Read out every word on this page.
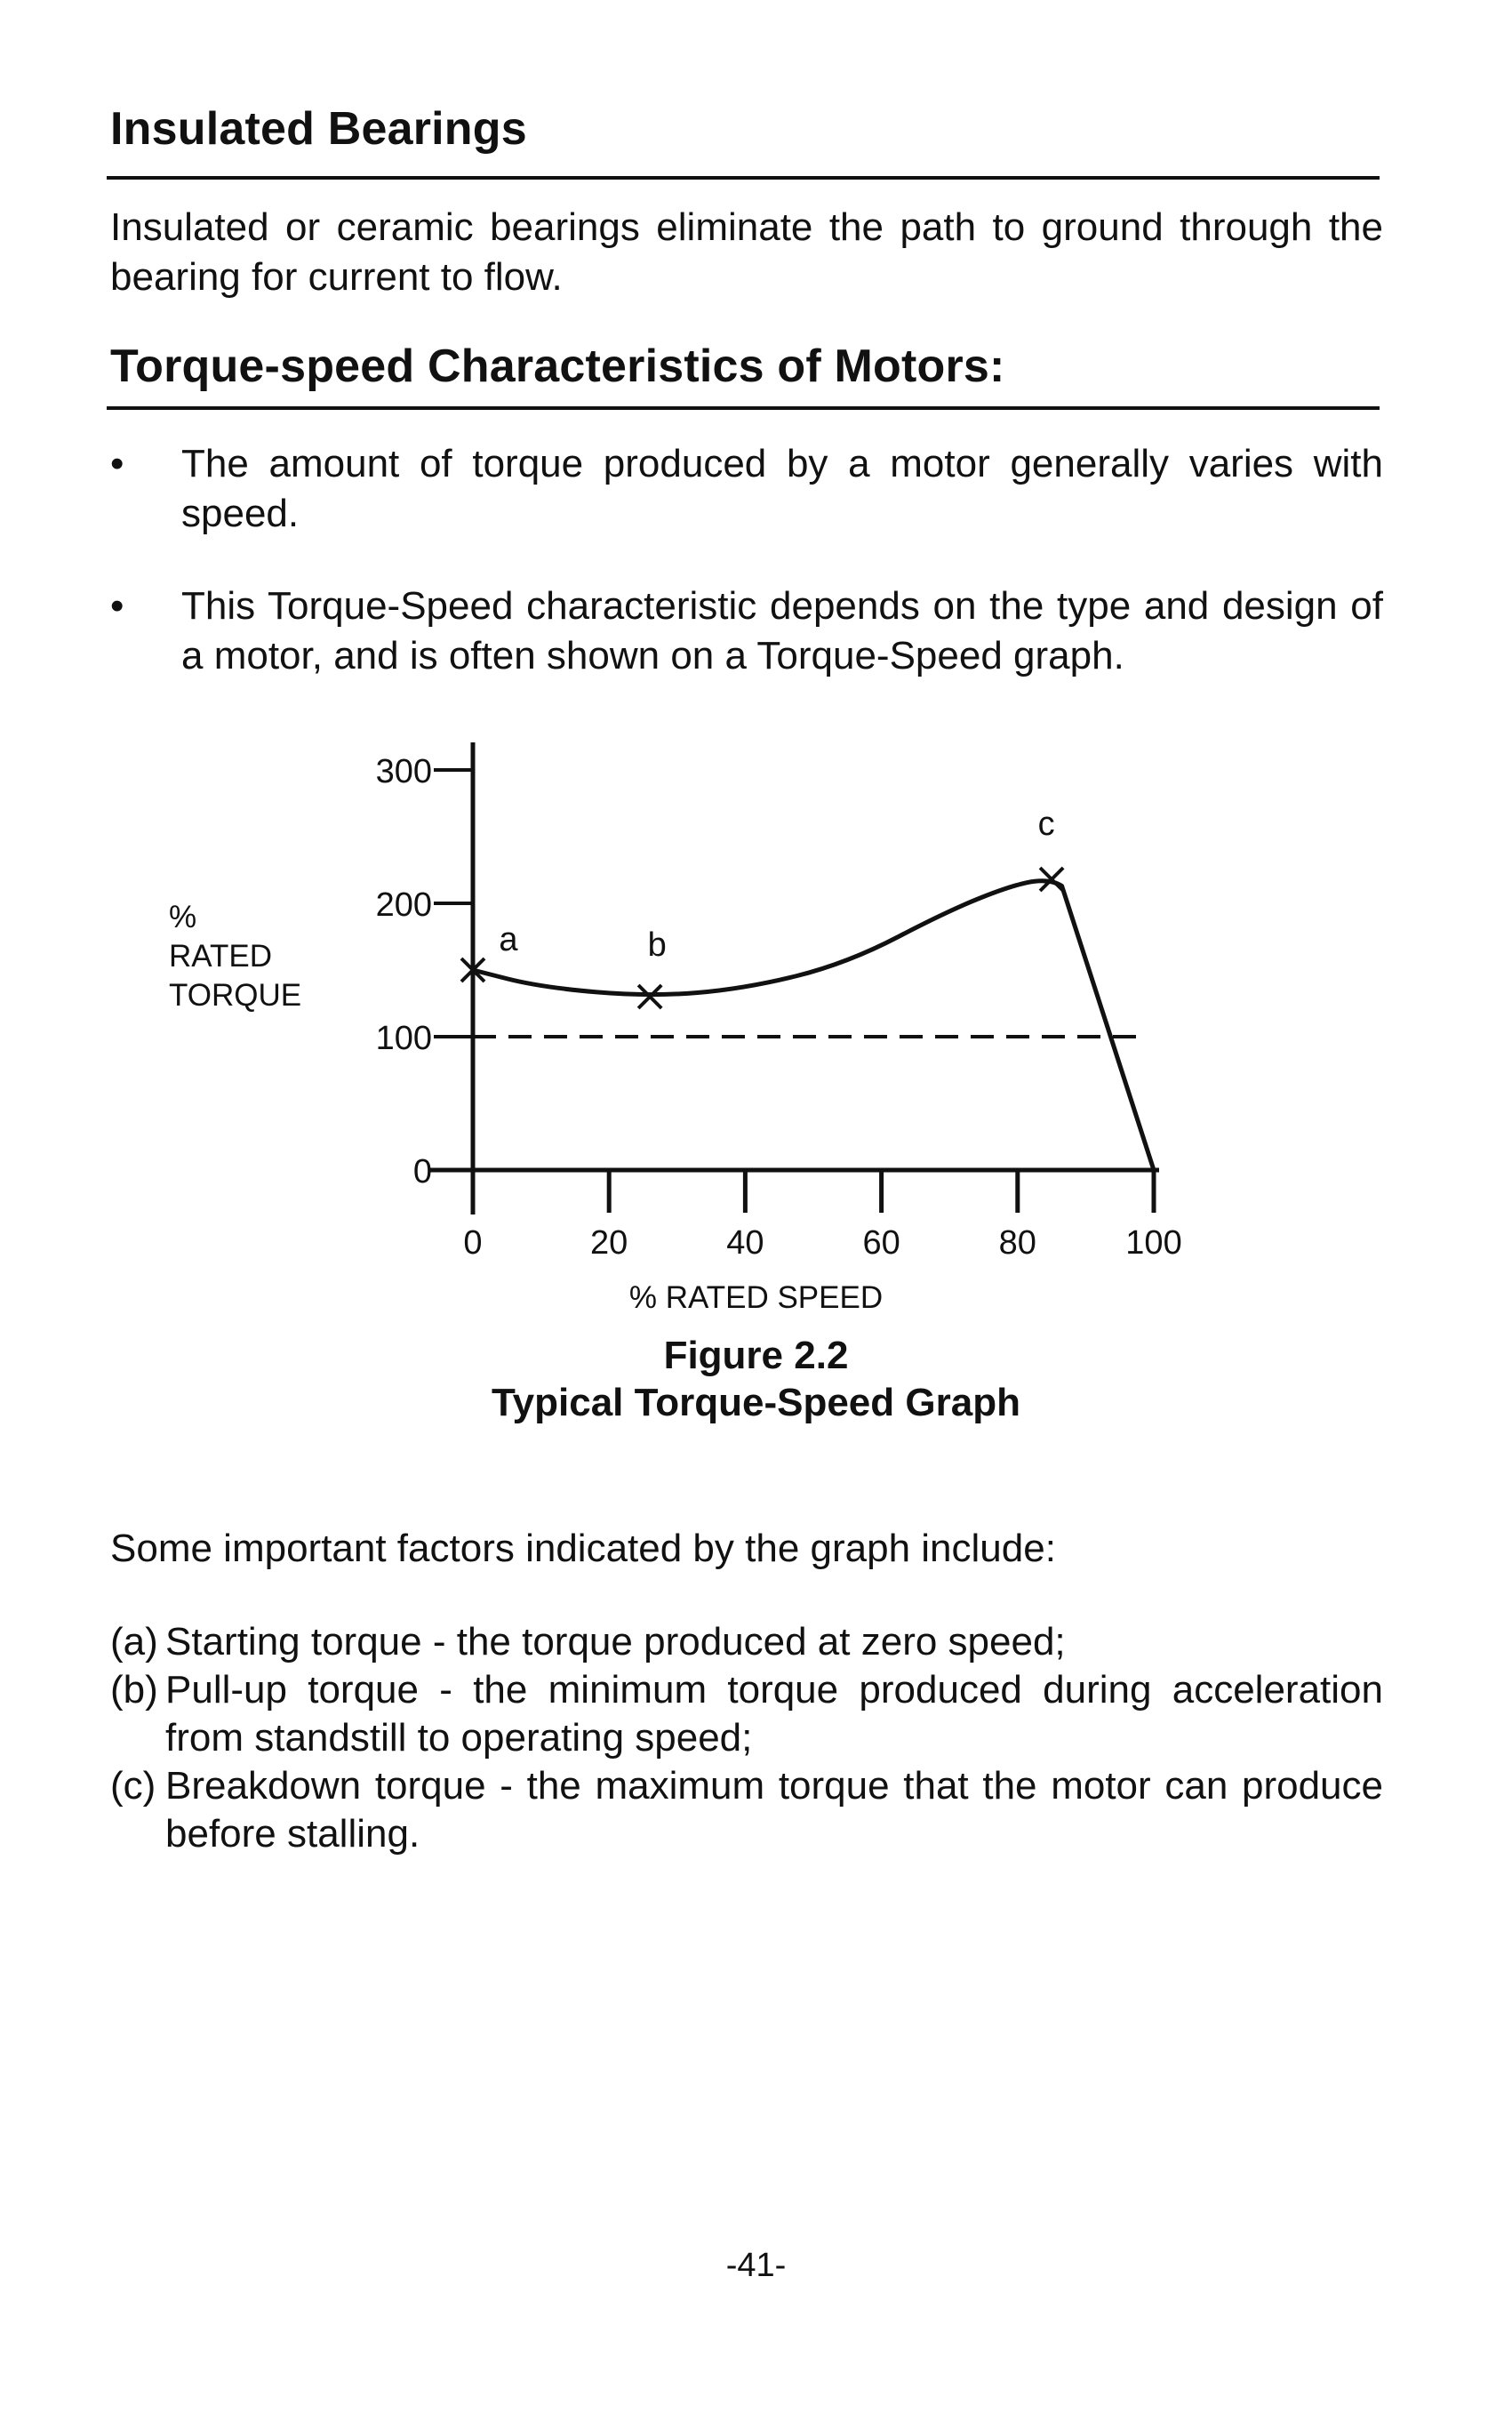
Insulated Bearings
Insulated or ceramic bearings eliminate the path to ground through the bearing for current to flow.
Torque-speed Characteristics of Motors:
• The amount of torque produced by a motor generally varies with speed.
• This Torque-Speed characteristic depends on the type and design of a motor, and is often shown on a Torque-Speed graph.
%
RATED
TORQUE
0
100
200
300
0	20	40	60	80	100
a	b
c
% RATED SPEED
Figure 2.2
Typical Torque-Speed Graph
Some important factors indicated by the graph include:
(a) Starting torque - the torque produced at zero speed;
(b) Pull-up torque - the minimum torque produced during acceleration from standstill to operating speed;
(c) Breakdown torque - the maximum torque that the motor can produce before stalling.
-41-
